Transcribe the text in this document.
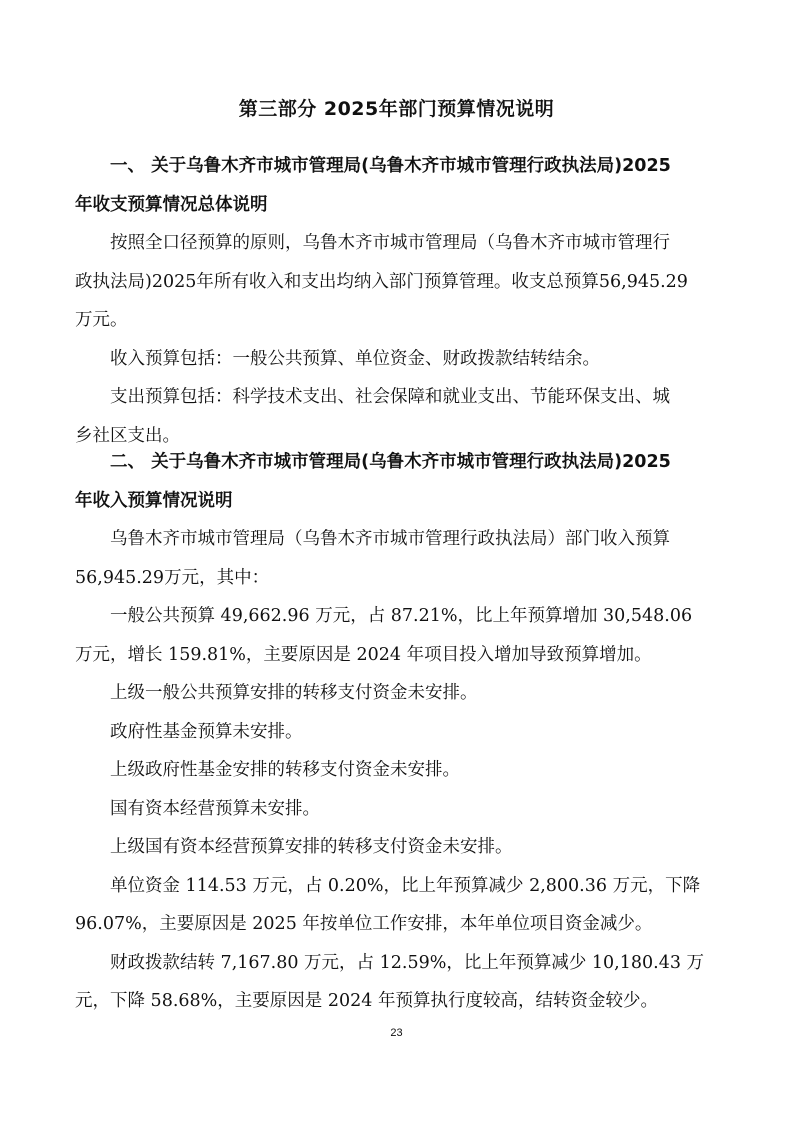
第三部分 2025年部门预算情况说明
一、 关于乌鲁木齐市城市管理局(乌鲁木齐市城市管理行政执法局)2025
年收支预算情况总体说明
按照全口径预算的原则，乌鲁木齐市城市管理局（乌鲁木齐市城市管理行
政执法局)2025年所有收入和支出均纳入部门预算管理。收支总预算56,945.29
万元。
收入预算包括：一般公共预算、单位资金、财政拨款结转结余。
支出预算包括：科学技术支出、社会保障和就业支出、节能环保支出、城
乡社区支出。
二、 关于乌鲁木齐市城市管理局(乌鲁木齐市城市管理行政执法局)2025
年收入预算情况说明
乌鲁木齐市城市管理局（乌鲁木齐市城市管理行政执法局）部门收入预算
56,945.29万元，其中：
一般公共预算 49,662.96 万元，占 87.21%，比上年预算增加 30,548.06
万元，增长 159.81%，主要原因是 2024 年项目投入增加导致预算增加。
上级一般公共预算安排的转移支付资金未安排。
政府性基金预算未安排。
上级政府性基金安排的转移支付资金未安排。
国有资本经营预算未安排。
上级国有资本经营预算安排的转移支付资金未安排。
单位资金 114.53 万元，占 0.20%，比上年预算减少 2,800.36 万元，下降
96.07%，主要原因是 2025 年按单位工作安排，本年单位项目资金减少。
财政拨款结转 7,167.80 万元，占 12.59%，比上年预算减少 10,180.43 万
元，下降 58.68%，主要原因是 2024 年预算执行度较高，结转资金较少。
23
